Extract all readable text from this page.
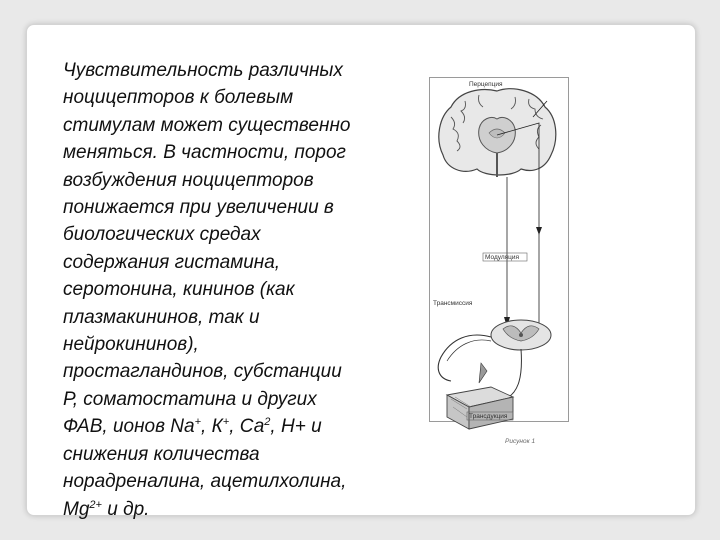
Чувствительность различных
ноцицепторов к болевым
стимулам может существенно
меняться. В частности, порог
возбуждения ноцицепторов
понижается при увеличении в
биологических средах
содержания гистамина,
серотонина, кининов (как
плазмакининов, так и
нейрокининов),
простагландинов, субстанции
Р, соматостатина и других
ФАВ, ионов Na+, К+, $Са^2$, Н+ и
снижения количества
норадреналина, ацетилхолина,
$Mg^{2+}$ и др.

Перцепция
Модуляция
Трансмиссия
Трансдукция
Рисунок 1
